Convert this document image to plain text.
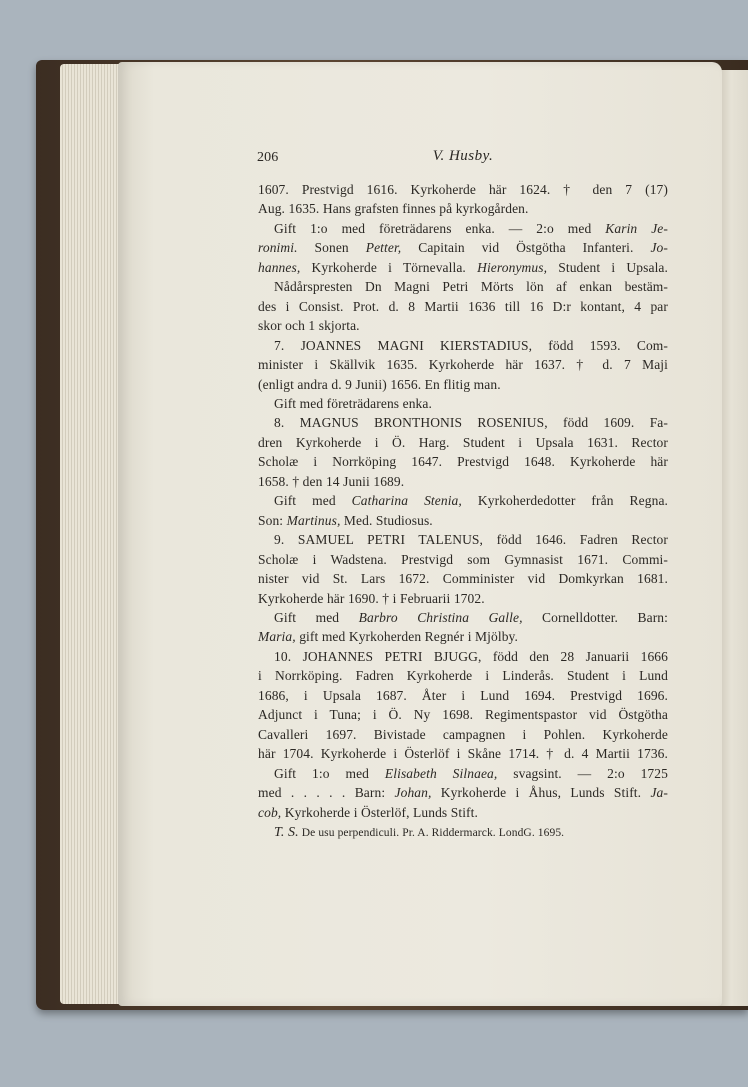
206	V. Husby.
1607. Prestvigd 1616. Kyrkoherde här 1624. † den 7 (17)
Aug. 1635. Hans grafsten finnes på kyrkogården.
Gift 1:o med företrädarens enka. — 2:o med Karin Je-
ronimi. Sonen Petter, Capitain vid Östgötha Infanteri. Jo-
hannes, Kyrkoherde i Törnevalla. Hieronymus, Student i Upsala.
Nådårspresten Dn Magni Petri Mörts lön af enkan bestäm-
des i Consist. Prot. d. 8 Martii 1636 till 16 D:r kontant, 4 par
skor och 1 skjorta.
7. JOANNES MAGNI KIERSTADIUS, född 1593. Com-
minister i Skällvik 1635. Kyrkoherde här 1637. † d. 7 Maji
(enligt andra d. 9 Junii) 1656. En flitig man.
Gift med företrädarens enka.
8. MAGNUS BRONTHONIS ROSENIUS, född 1609. Fa-
dren Kyrkoherde i Ö. Harg. Student i Upsala 1631. Rector
Scholæ i Norrköping 1647. Prestvigd 1648. Kyrkoherde här
1658. † den 14 Junii 1689.
Gift med Catharina Stenia, Kyrkoherdedotter från Regna.
Son: Martinus, Med. Studiosus.
9. SAMUEL PETRI TALENUS, född 1646. Fadren Rector
Scholæ i Wadstena. Prestvigd som Gymnasist 1671. Commi-
nister vid St. Lars 1672. Comminister vid Domkyrkan 1681.
Kyrkoherde här 1690. † i Februarii 1702.
Gift med Barbro Christina Galle, Cornelldotter. Barn:
Maria, gift med Kyrkoherden Regnér i Mjölby.
10. JOHANNES PETRI BJUGG, född den 28 Januarii 1666
i Norrköping. Fadren Kyrkoherde i Linderås. Student i Lund
1686, i Upsala 1687. Åter i Lund 1694. Prestvigd 1696.
Adjunct i Tuna; i Ö. Ny 1698. Regimentspastor vid Östgötha
Cavalleri 1697. Bivistade campagnen i Pohlen. Kyrkoherde
här 1704. Kyrkoherde i Österlöf i Skåne 1714. † d. 4 Martii 1736.
Gift 1:o med Elisabeth Silnaea, svagsint. — 2:o 1725
med . . . . . Barn: Johan, Kyrkoherde i Åhus, Lunds Stift. Ja-
cob, Kyrkoherde i Österlöf, Lunds Stift.
T. S. De usu perpendiculi. Pr. A. Riddermarck. LondG. 1695.
